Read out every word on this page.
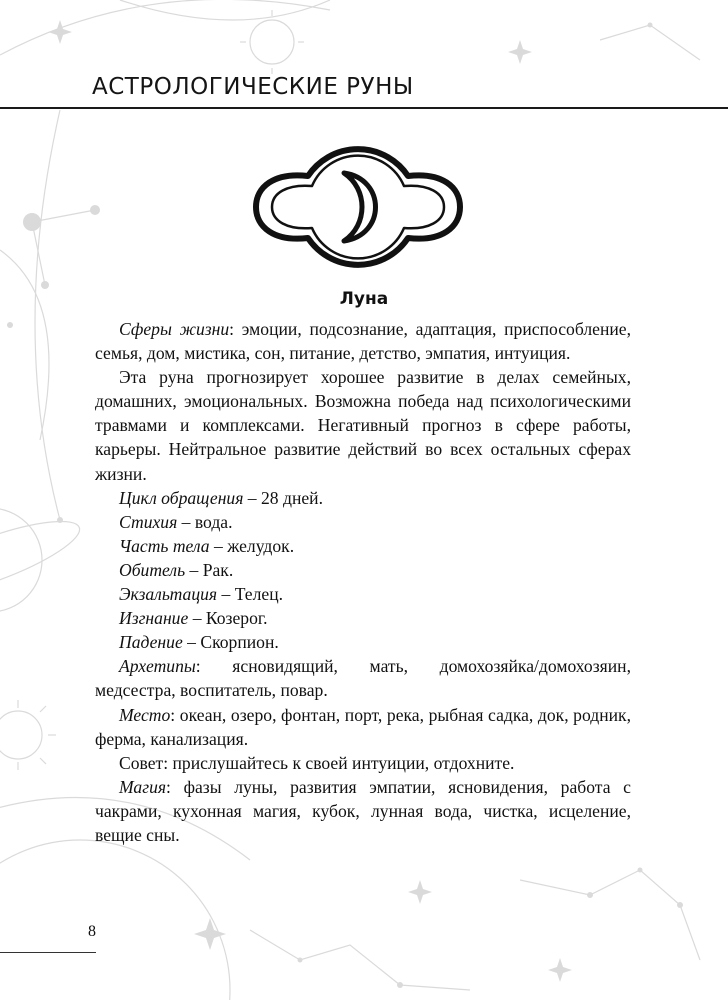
АСТРОЛОГИЧЕСКИЕ РУНЫ
Луна

Сферы жизни: эмоции, подсознание, адаптация, приспособление, семья, дом, мистика, сон, питание, детство, эмпатия, интуиция.

Эта руна прогнозирует хорошее развитие в делах семейных, домашних, эмоциональных. Возможна победа над психологическими травмами и комплексами. Негативный прогноз в сфере работы, карьеры. Нейтральное развитие действий во всех остальных сферах жизни.

Цикл обращения – 28 дней.

Стихия – вода.

Часть тела – желудок.

Обитель – Рак.

Экзальтация – Телец.

Изгнание – Козерог.

Падение – Скорпион.

Архетипы: ясновидящий, мать, домохозяйка/домохозяин, медсестра, воспитатель, повар.

Место: океан, озеро, фонтан, порт, река, рыбная садка, док, родник, ферма, канализация.

Совет: прислушайтесь к своей интуиции, отдохните.

Магия: фазы луны, развития эмпатии, ясновидения, работа с чакрами, кухонная магия, кубок, лунная вода, чистка, исцеление, вещие сны.

8
